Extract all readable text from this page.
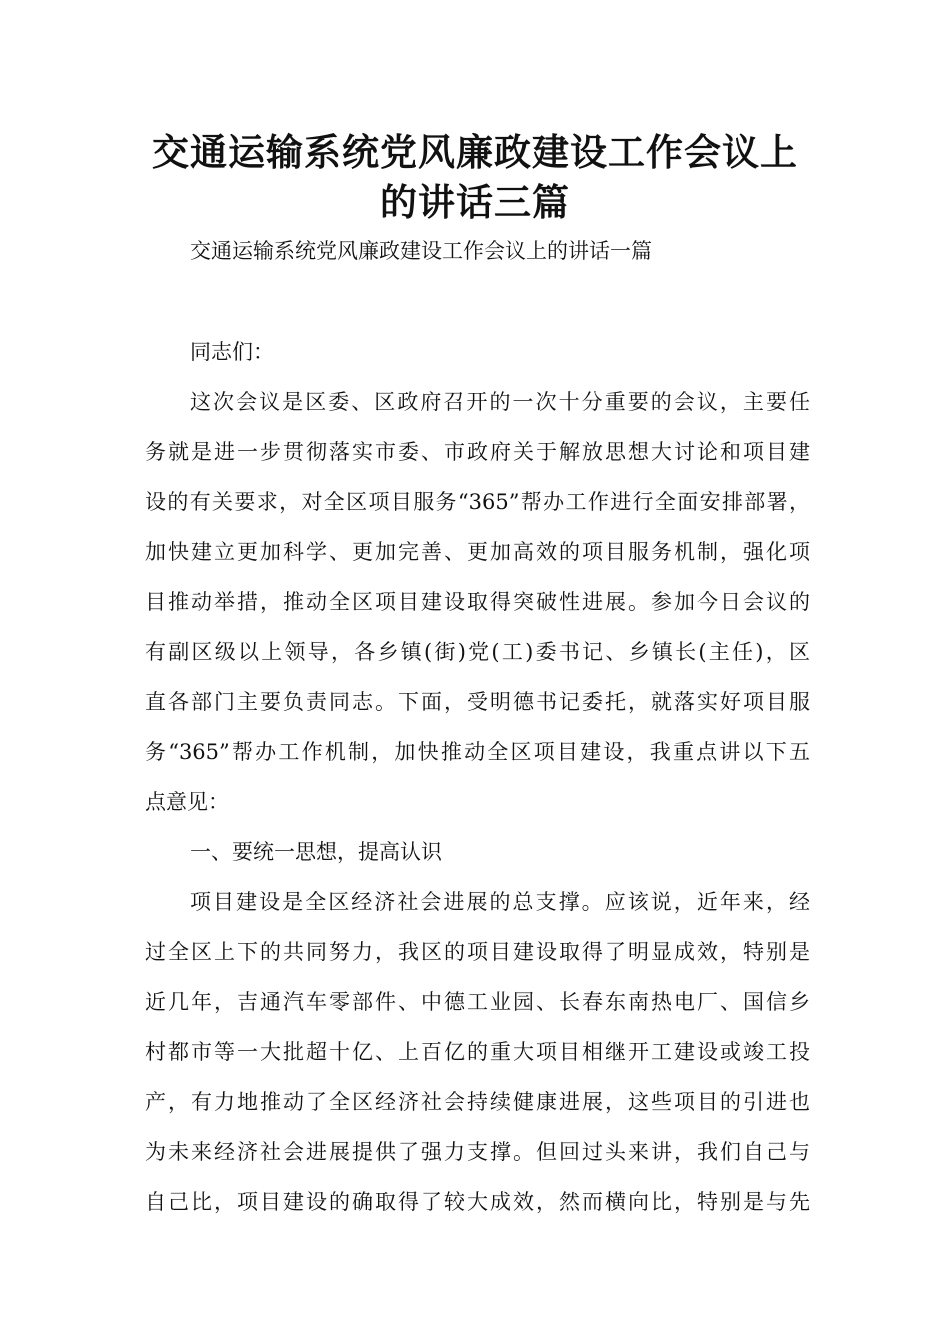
交通运输系统党风廉政建设工作会议上
的讲话三篇
交通运输系统党风廉政建设工作会议上的讲话一篇
同志们：
这次会议是区委、区政府召开的一次十分重要的会议，主要任
务就是进一步贯彻落实市委、市政府关于解放思想大讨论和项目建
设的有关要求，对全区项目服务“365”帮办工作进行全面安排部署，
加快建立更加科学、更加完善、更加高效的项目服务机制，强化项
目推动举措，推动全区项目建设取得突破性进展。参加今日会议的
有副区级以上领导，各乡镇(街)党(工)委书记、乡镇长(主任)，区
直各部门主要负责同志。下面，受明德书记委托，就落实好项目服
务“365”帮办工作机制，加快推动全区项目建设，我重点讲以下五
点意见：
一、要统一思想，提高认识
项目建设是全区经济社会进展的总支撑。应该说，近年来，经
过全区上下的共同努力，我区的项目建设取得了明显成效，特别是
近几年，吉通汽车零部件、中德工业园、长春东南热电厂、国信乡
村都市等一大批超十亿、上百亿的重大项目相继开工建设或竣工投
产，有力地推动了全区经济社会持续健康进展，这些项目的引进也
为未来经济社会进展提供了强力支撑。但回过头来讲，我们自己与
自己比，项目建设的确取得了较大成效，然而横向比，特别是与先
